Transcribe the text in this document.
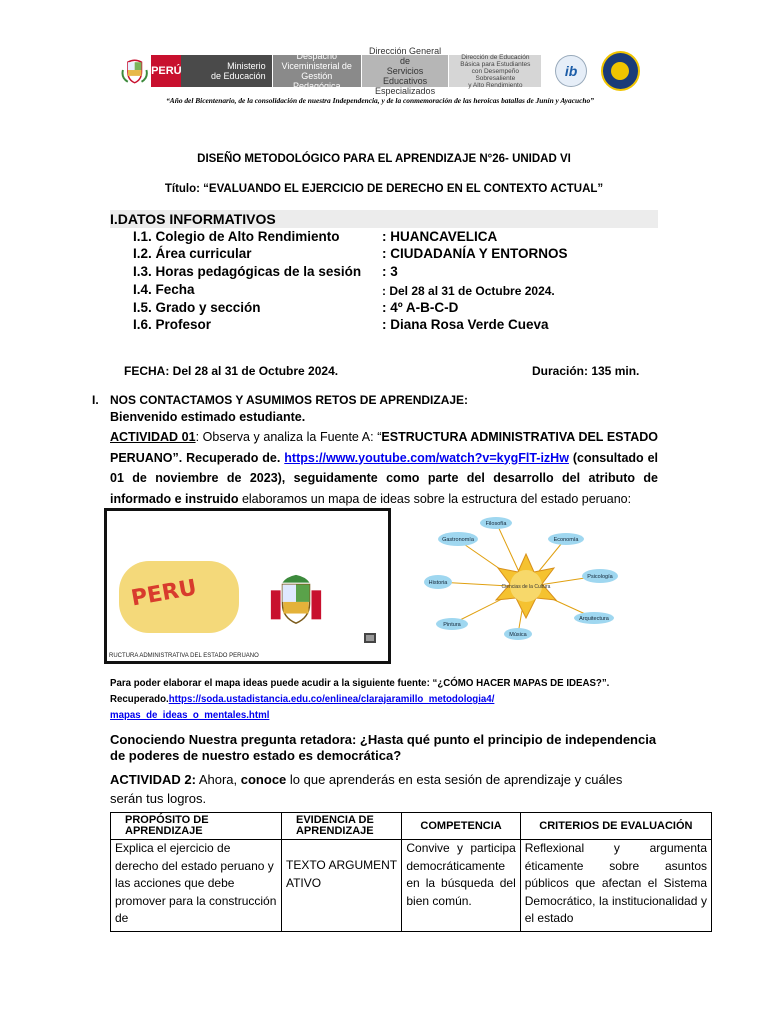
PERÚ	Ministerio
de Educación
Despacho
Viceministerial de
Gestión Pedagógica
Dirección General de
Servicios Educativos
Especializados
Dirección de Educación
Básica para Estudiantes
con Desempeño Sobresaliente
y Alto Rendimiento
ib
“Año del Bicentenario, de la consolidación de nuestra Independencia, y de la conmemoración de las heroicas batallas de Junín y Ayacucho”
DISEÑO METODOLÓGICO PARA EL APRENDIZAJE N°26- UNIDAD VI
Título: “EVALUANDO EL EJERCICIO DE DERECHO EN EL CONTEXTO ACTUAL”
I.DATOS INFORMATIVOS
I.1. Colegio de Alto Rendimiento	: HUANCAVELICA
I.2. Área curricular	: CIUDADANÍA Y ENTORNOS
I.3. Horas pedagógicas de la sesión : 3
I.4. Fecha	: Del 28 al 31 de Octubre 2024.
I.5. Grado y sección	: 4º A-B-C-D
I.6. Profesor	: Diana Rosa Verde Cueva
FECHA: Del 28 al 31 de Octubre 2024.	Duración: 135 min.
I. NOS CONTACTAMOS Y ASUMIMOS RETOS DE APRENDIZAJE:
Bienvenido estimado estudiante.
ACTIVIDAD 01: Observa y analiza la Fuente A: “ESTRUCTURA ADMINISTRATIVA DEL ESTADO PERUANO”. Recuperado de. https://www.youtube.com/watch?v=kygFlT-izHw (consultado el 01 de noviembre de 2023), seguidamente como parte del desarrollo del atributo de informado e instruido elaboramos un mapa de ideas sobre la estructura del estado peruano:
PERU
RUCTURA ADMINISTRATIVA DEL ESTADO PERUANO
Ciencias de la Cultura
Filosofía
Gastronomía	Economía
Historia
Psicología
Pintura
Arquitectura
Música
Para poder elaborar el mapa ideas puede acudir a la siguiente fuente: “¿CÓMO HACER MAPAS DE IDEAS?”. Recuperado.https://soda.ustadistancia.edu.co/enlinea/clarajaramillo_metodologia4/
mapas_de_ideas_o_mentales.html
Conociendo Nuestra pregunta retadora: ¿Hasta qué punto el principio de independencia de poderes de nuestro estado es democrática?
ACTIVIDAD 2: Ahora, conoce lo que aprenderás en esta sesión de aprendizaje y cuáles serán tus logros.
PROPÓSITO DE APRENDIZAJE	EVIDENCIA DE APRENDIZAJE	COMPETENCIA	CRITERIOS DE EVALUACIÓN
Explica el ejercicio de derecho del estado peruano y las acciones que debe promover para la construcción de	TEXTO ARGUMENTATIVO	Convive y participa democráticamente en la búsqueda del bien común.	Reflexional y argumenta éticamente sobre asuntos públicos que afectan el Sistema Democrático, la institucionalidad y el estado
